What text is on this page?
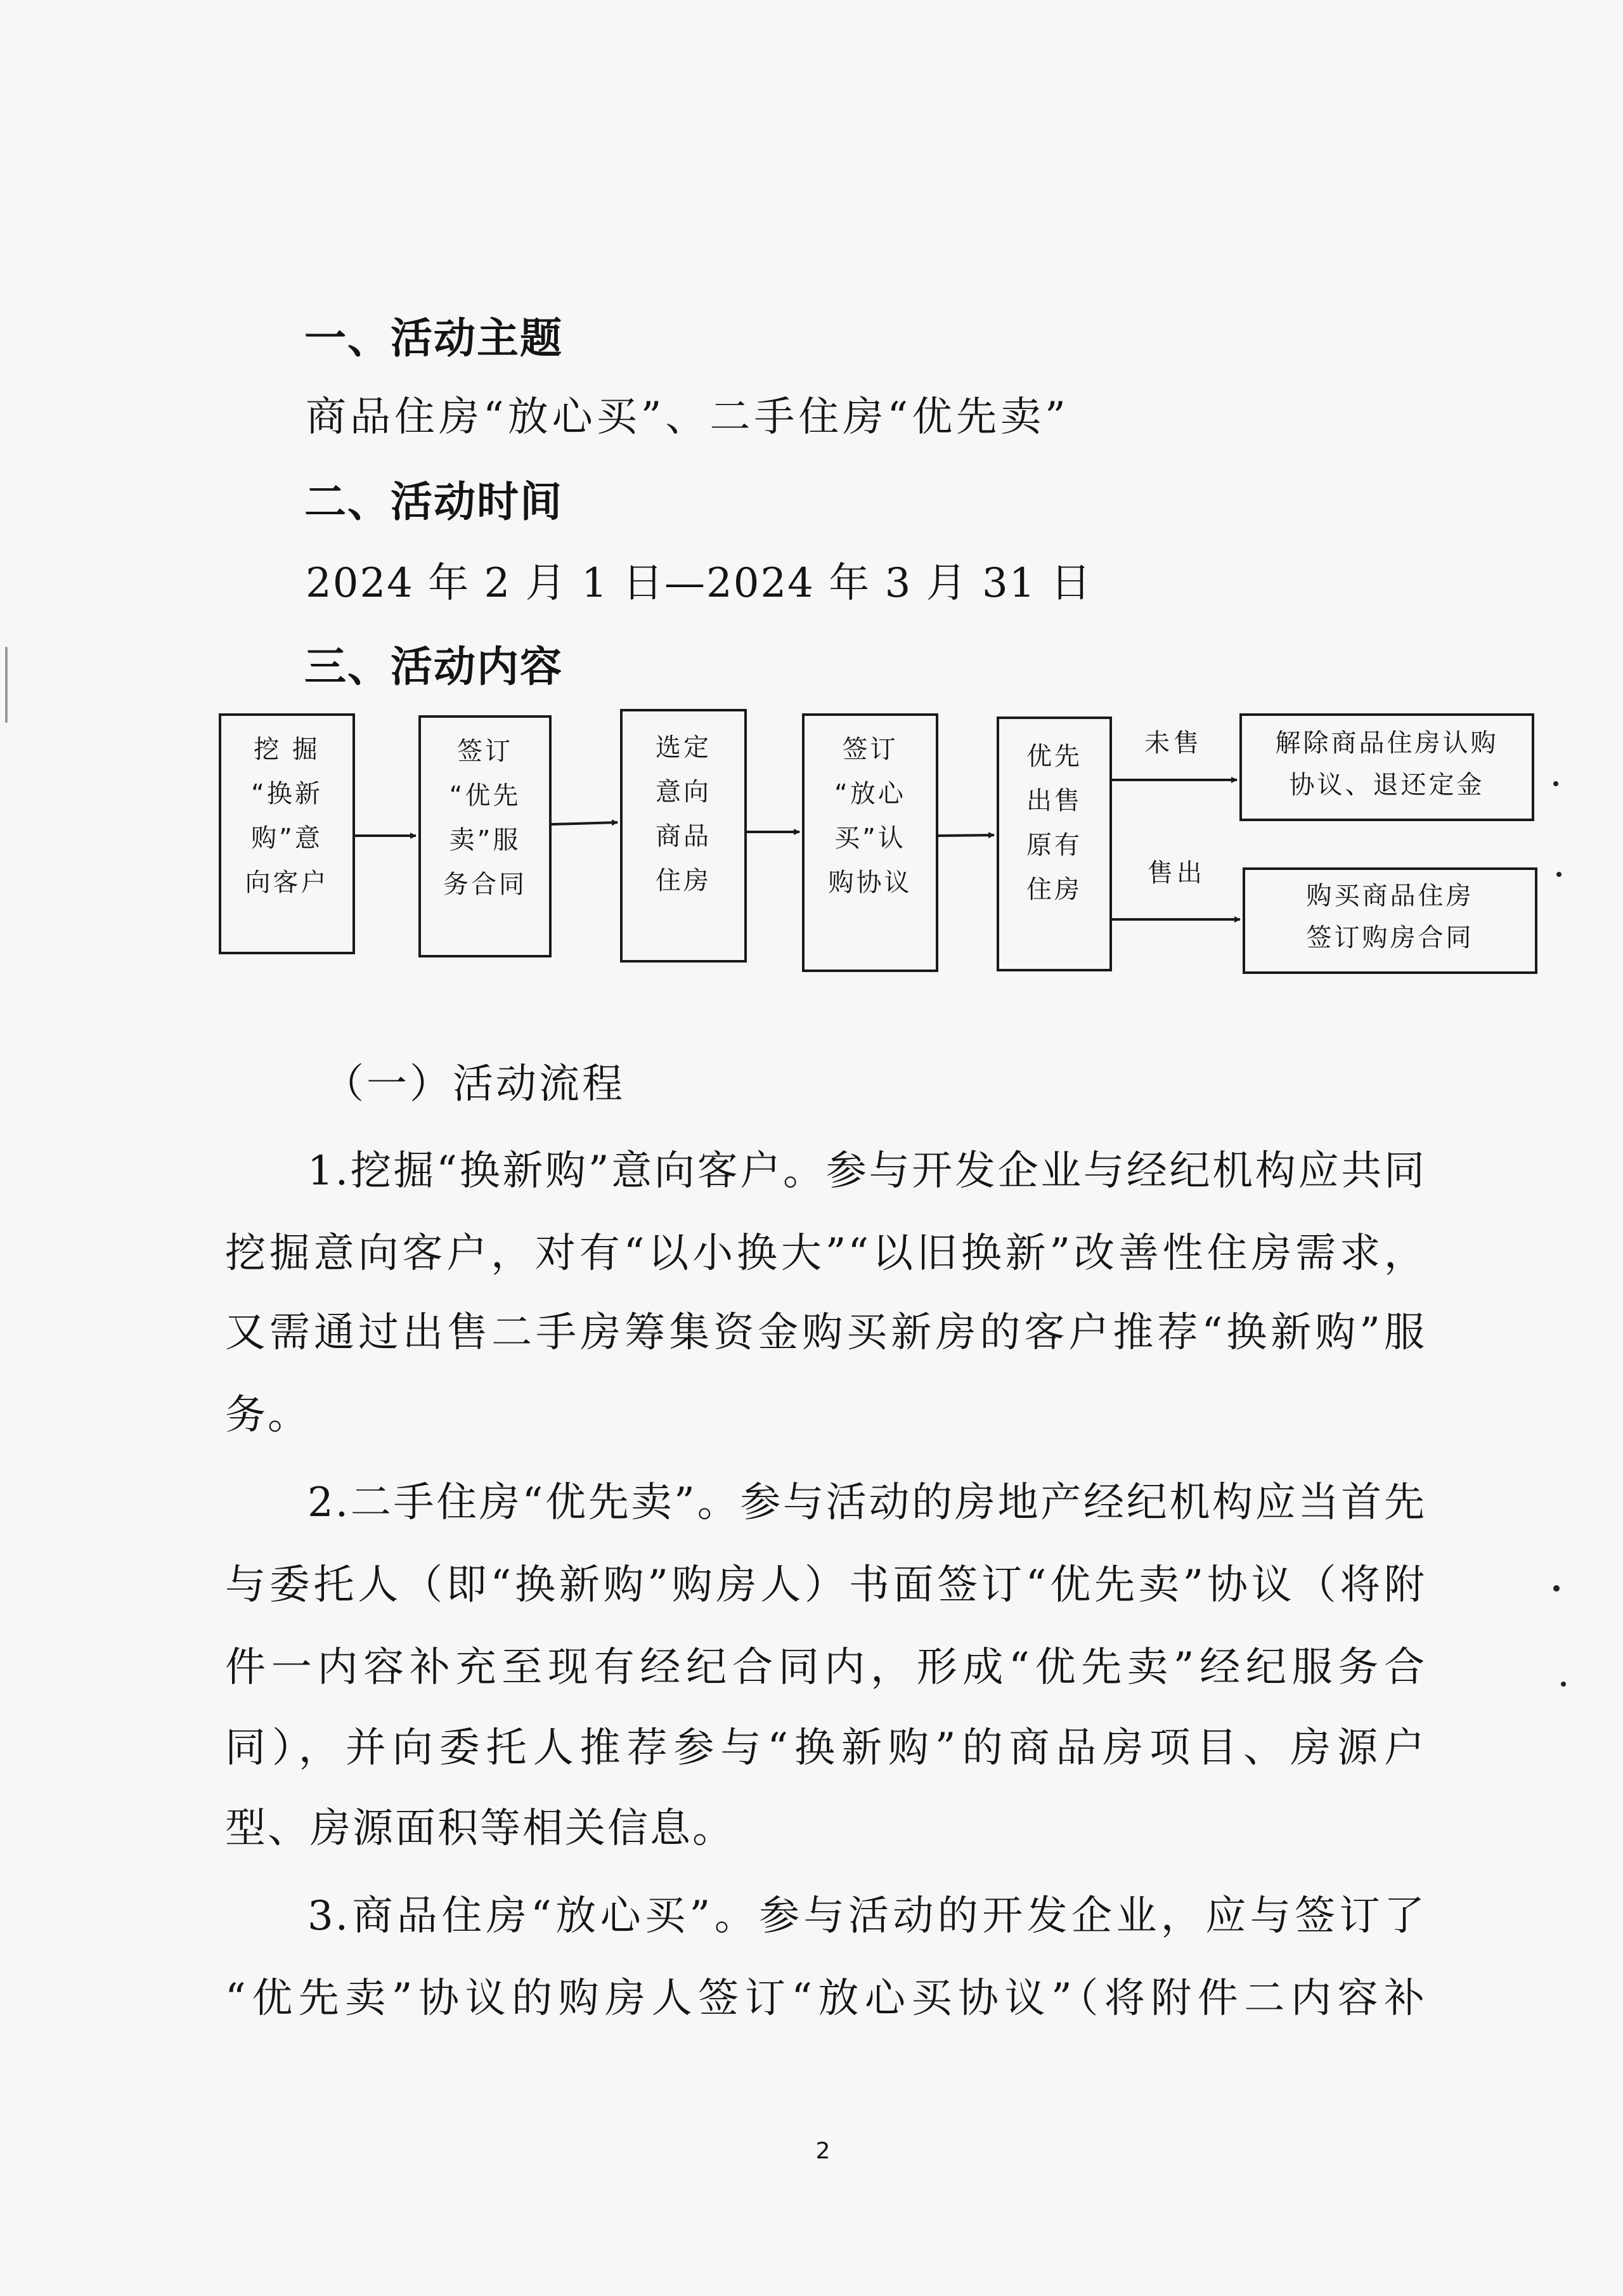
一、活动主题
商品住房“放心买”、二手住房“优先卖”
二、活动时间
2024 年 2 月 1 日—2024 年 3 月 31 日
三、活动内容
挖 掘
“换新
购”意
向客户
签订
“优先
卖”服
务合同
选定
意向
商品
住房
签订
“放心
买”认
购协议
优先
出售
原有
住房
未售
售出
解除商品住房认购
协议、退还定金
购买商品住房
签订购房合同
（一）活动流程
1.挖掘“换新购”意向客户。参与开发企业与经纪机构应共同
挖掘意向客户，对有“以小换大”“以旧换新”改善性住房需求，
又需通过出售二手房筹集资金购买新房的客户推荐“换新购”服
务。
2.二手住房“优先卖”。参与活动的房地产经纪机构应当首先
与委托人（即“换新购”购房人）书面签订“优先卖”协议（将附
件一内容补充至现有经纪合同内，形成“优先卖”经纪服务合
同），并向委托人推荐参与“换新购”的商品房项目、房源户
型、房源面积等相关信息。
3.商品住房“放心买”。参与活动的开发企业，应与签订了
“优先卖”协议的购房人签订“放心买协议”（将附件二内容补
2
